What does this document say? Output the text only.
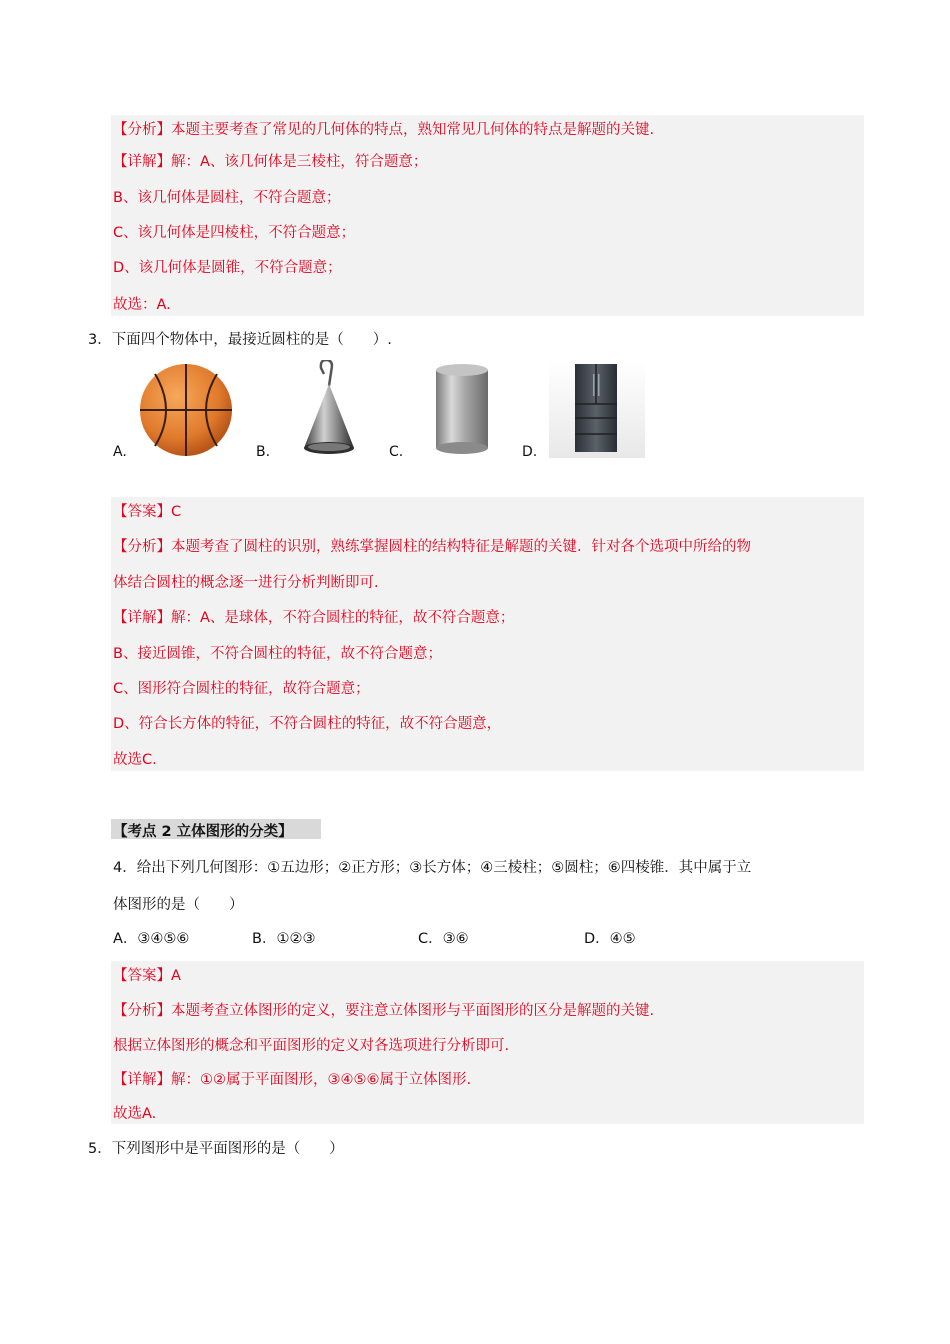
【分析】本题主要考查了常见的几何体的特点，熟知常见几何体的特点是解题的关键.
【详解】解：A、该几何体是三棱柱，符合题意；
B、该几何体是圆柱，不符合题意；
C、该几何体是四棱柱，不符合题意；
D、该几何体是圆锥，不符合题意；
故选：A.
3．下面四个物体中，最接近圆柱的是（　　）.
A.	B.	C.	D.
【答案】C
【分析】本题考查了圆柱的识别，熟练掌握圆柱的结构特征是解题的关键．针对各个选项中所给的物
体结合圆柱的概念逐一进行分析判断即可.
【详解】解：A、是球体，不符合圆柱的特征，故不符合题意；
B、接近圆锥，不符合圆柱的特征，故不符合题意；
C、图形符合圆柱的特征，故符合题意；
D、符合长方体的特征，不符合圆柱的特征，故不符合题意，
故选C.
【考点 2 立体图形的分类】
4．给出下列几何图形：①五边形；②正方形；③长方体；④三棱柱；⑤圆柱；⑥四棱锥．其中属于立
体图形的是（　　）
A．③④⑤⑥	B．①②③	C．③⑥	D．④⑤
【答案】A
【分析】本题考查立体图形的定义，要注意立体图形与平面图形的区分是解题的关键.
根据立体图形的概念和平面图形的定义对各选项进行分析即可.
【详解】解：①②属于平面图形，③④⑤⑥属于立体图形.
故选A.
5．下列图形中是平面图形的是（　　）
